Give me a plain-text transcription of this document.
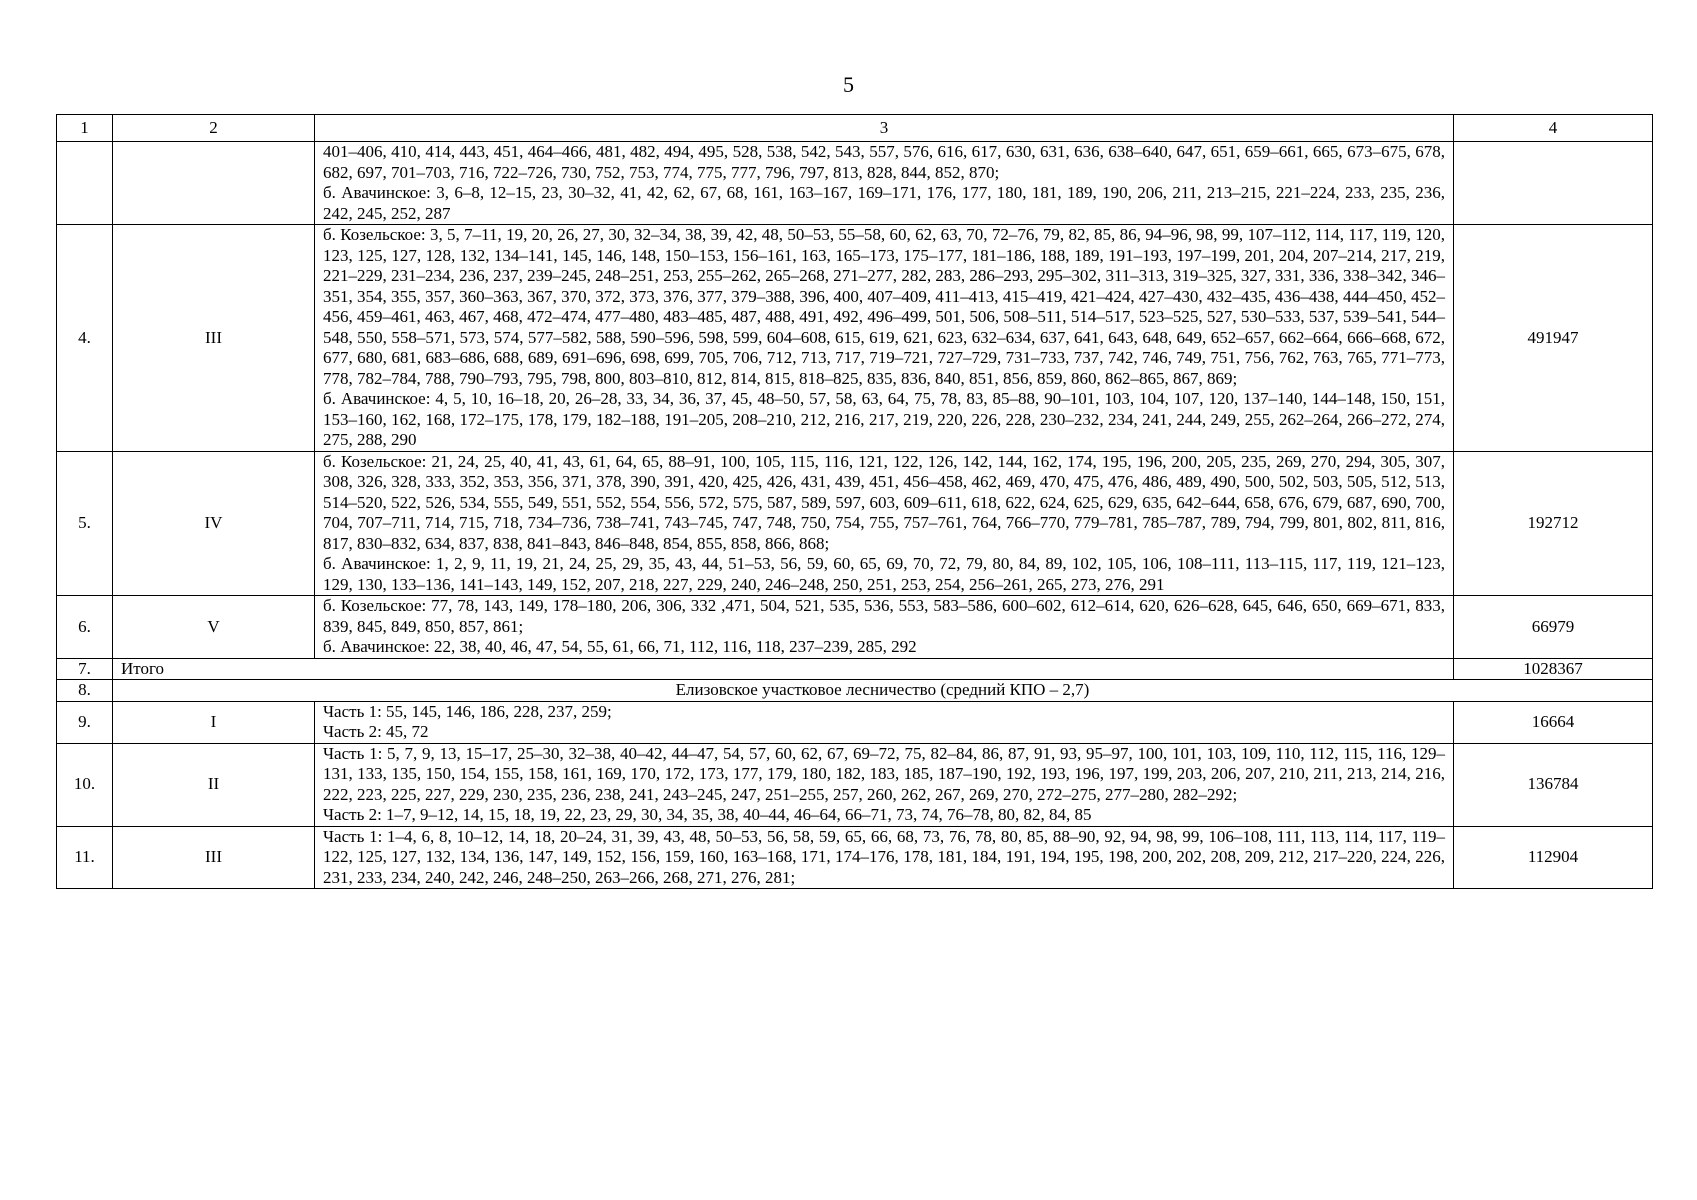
5
1	2	3	4

		401–406, 410, 414, 443, 451, 464–466, 481, 482, 494, 495, 528, 538, 542, 543, 557, 576, 616, 617, 630, 631, 636, 638–640, 647, 651, 659–661, 665, 673–675, 678, 682, 697, 701–703, 716, 722–726, 730, 752, 753, 774, 775, 777, 796, 797, 813, 828, 844, 852, 870;
б. Авачинское: 3, 6–8, 12–15, 23, 30–32, 41, 42, 62, 67, 68, 161, 163–167, 169–171, 176, 177, 180, 181, 189, 190, 206, 211, 213–215, 221–224, 233, 235, 236, 242, 245, 252, 287	

4.	III	б. Козельское: 3, 5, 7–11, 19, 20, 26, 27, 30, 32–34, 38, 39, 42, 48, 50–53, 55–58, 60, 62, 63, 70, 72–76, 79, 82, 85, 86, 94–96, 98, 99, 107–112, 114, 117, 119, 120, 123, 125, 127, 128, 132, 134–141, 145, 146, 148, 150–153, 156–161, 163, 165–173, 175–177, 181–186, 188, 189, 191–193, 197–199, 201, 204, 207–214, 217, 219, 221–229, 231–234, 236, 237, 239–245, 248–251, 253, 255–262, 265–268, 271–277, 282, 283, 286–293, 295–302, 311–313, 319–325, 327, 331, 336, 338–342, 346–351, 354, 355, 357, 360–363, 367, 370, 372, 373, 376, 377, 379–388, 396, 400, 407–409, 411–413, 415–419, 421–424, 427–430, 432–435, 436–438, 444–450, 452–456, 459–461, 463, 467, 468, 472–474, 477–480, 483–485, 487, 488, 491, 492, 496–499, 501, 506, 508–511, 514–517, 523–525, 527, 530–533, 537, 539–541, 544–548, 550, 558–571, 573, 574, 577–582, 588, 590–596, 598, 599, 604–608, 615, 619, 621, 623, 632–634, 637, 641, 643, 648, 649, 652–657, 662–664, 666–668, 672, 677, 680, 681, 683–686, 688, 689, 691–696, 698, 699, 705, 706, 712, 713, 717, 719–721, 727–729, 731–733, 737, 742, 746, 749, 751, 756, 762, 763, 765, 771–773, 778, 782–784, 788, 790–793, 795, 798, 800, 803–810, 812, 814, 815, 818–825, 835, 836, 840, 851, 856, 859, 860, 862–865, 867, 869;
б. Авачинское: 4, 5, 10, 16–18, 20, 26–28, 33, 34, 36, 37, 45, 48–50, 57, 58, 63, 64, 75, 78, 83, 85–88, 90–101, 103, 104, 107, 120, 137–140, 144–148, 150, 151, 153–160, 162, 168, 172–175, 178, 179, 182–188, 191–205, 208–210, 212, 216, 217, 219, 220, 226, 228, 230–232, 234, 241, 244, 249, 255, 262–264, 266–272, 274, 275, 288, 290	491947
5.	IV	б. Козельское: 21, 24, 25, 40, 41, 43, 61, 64, 65, 88–91, 100, 105, 115, 116, 121, 122, 126, 142, 144, 162, 174, 195, 196, 200, 205, 235, 269, 270, 294, 305, 307, 308, 326, 328, 333, 352, 353, 356, 371, 378, 390, 391, 420, 425, 426, 431, 439, 451, 456–458, 462, 469, 470, 475, 476, 486, 489, 490, 500, 502, 503, 505, 512, 513, 514–520, 522, 526, 534, 555, 549, 551, 552, 554, 556, 572, 575, 587, 589, 597, 603, 609–611, 618, 622, 624, 625, 629, 635, 642–644, 658, 676, 679, 687, 690, 700, 704, 707–711, 714, 715, 718, 734–736, 738–741, 743–745, 747, 748, 750, 754, 755, 757–761, 764, 766–770, 779–781, 785–787, 789, 794, 799, 801, 802, 811, 816, 817, 830–832, 634, 837, 838, 841–843, 846–848, 854, 855, 858, 866, 868;
б. Авачинское: 1, 2, 9, 11, 19, 21, 24, 25, 29, 35, 43, 44, 51–53, 56, 59, 60, 65, 69, 70, 72, 79, 80, 84, 89, 102, 105, 106, 108–111, 113–115, 117, 119, 121–123, 129, 130, 133–136, 141–143, 149, 152, 207, 218, 227, 229, 240, 246–248, 250, 251, 253, 254, 256–261, 265, 273, 276, 291	192712
6.	V	б. Козельское: 77, 78, 143, 149, 178–180, 206, 306, 332 ,471, 504, 521, 535, 536, 553, 583–586, 600–602, 612–614, 620, 626–628, 645, 646, 650, 669–671, 833, 839, 845, 849, 850, 857, 861;
б. Авачинское: 22, 38, 40, 46, 47, 54, 55, 61, 66, 71, 112, 116, 118, 237–239, 285, 292	66979
7.	Итого		1028367
8.	Елизовское участковое лесничество (средний КПО – 2,7)		
9.	I	Часть 1: 55, 145, 146, 186, 228, 237, 259;
Часть 2: 45, 72	16664
10.	II	Часть 1: 5, 7, 9, 13, 15–17, 25–30, 32–38, 40–42, 44–47, 54, 57, 60, 62, 67, 69–72, 75, 82–84, 86, 87, 91, 93, 95–97, 100, 101, 103, 109, 110, 112, 115, 116, 129–131, 133, 135, 150, 154, 155, 158, 161, 169, 170, 172, 173, 177, 179, 180, 182, 183, 185, 187–190, 192, 193, 196, 197, 199, 203, 206, 207, 210, 211, 213, 214, 216, 222, 223, 225, 227, 229, 230, 235, 236, 238, 241, 243–245, 247, 251–255, 257, 260, 262, 267, 269, 270, 272–275, 277–280, 282–292;
Часть 2: 1–7, 9–12, 14, 15, 18, 19, 22, 23, 29, 30, 34, 35, 38, 40–44, 46–64, 66–71, 73, 74, 76–78, 80, 82, 84, 85	136784
11.	III	Часть 1: 1–4, 6, 8, 10–12, 14, 18, 20–24, 31, 39, 43, 48, 50–53, 56, 58, 59, 65, 66, 68, 73, 76, 78, 80, 85, 88–90, 92, 94, 98, 99, 106–108, 111, 113, 114, 117, 119–122, 125, 127, 132, 134, 136, 147, 149, 152, 156, 159, 160, 163–168, 171, 174–176, 178, 181, 184, 191, 194, 195, 198, 200, 202, 208, 209, 212, 217–220, 224, 226, 231, 233, 234, 240, 242, 246, 248–250, 263–266, 268, 271, 276, 281;	112904
